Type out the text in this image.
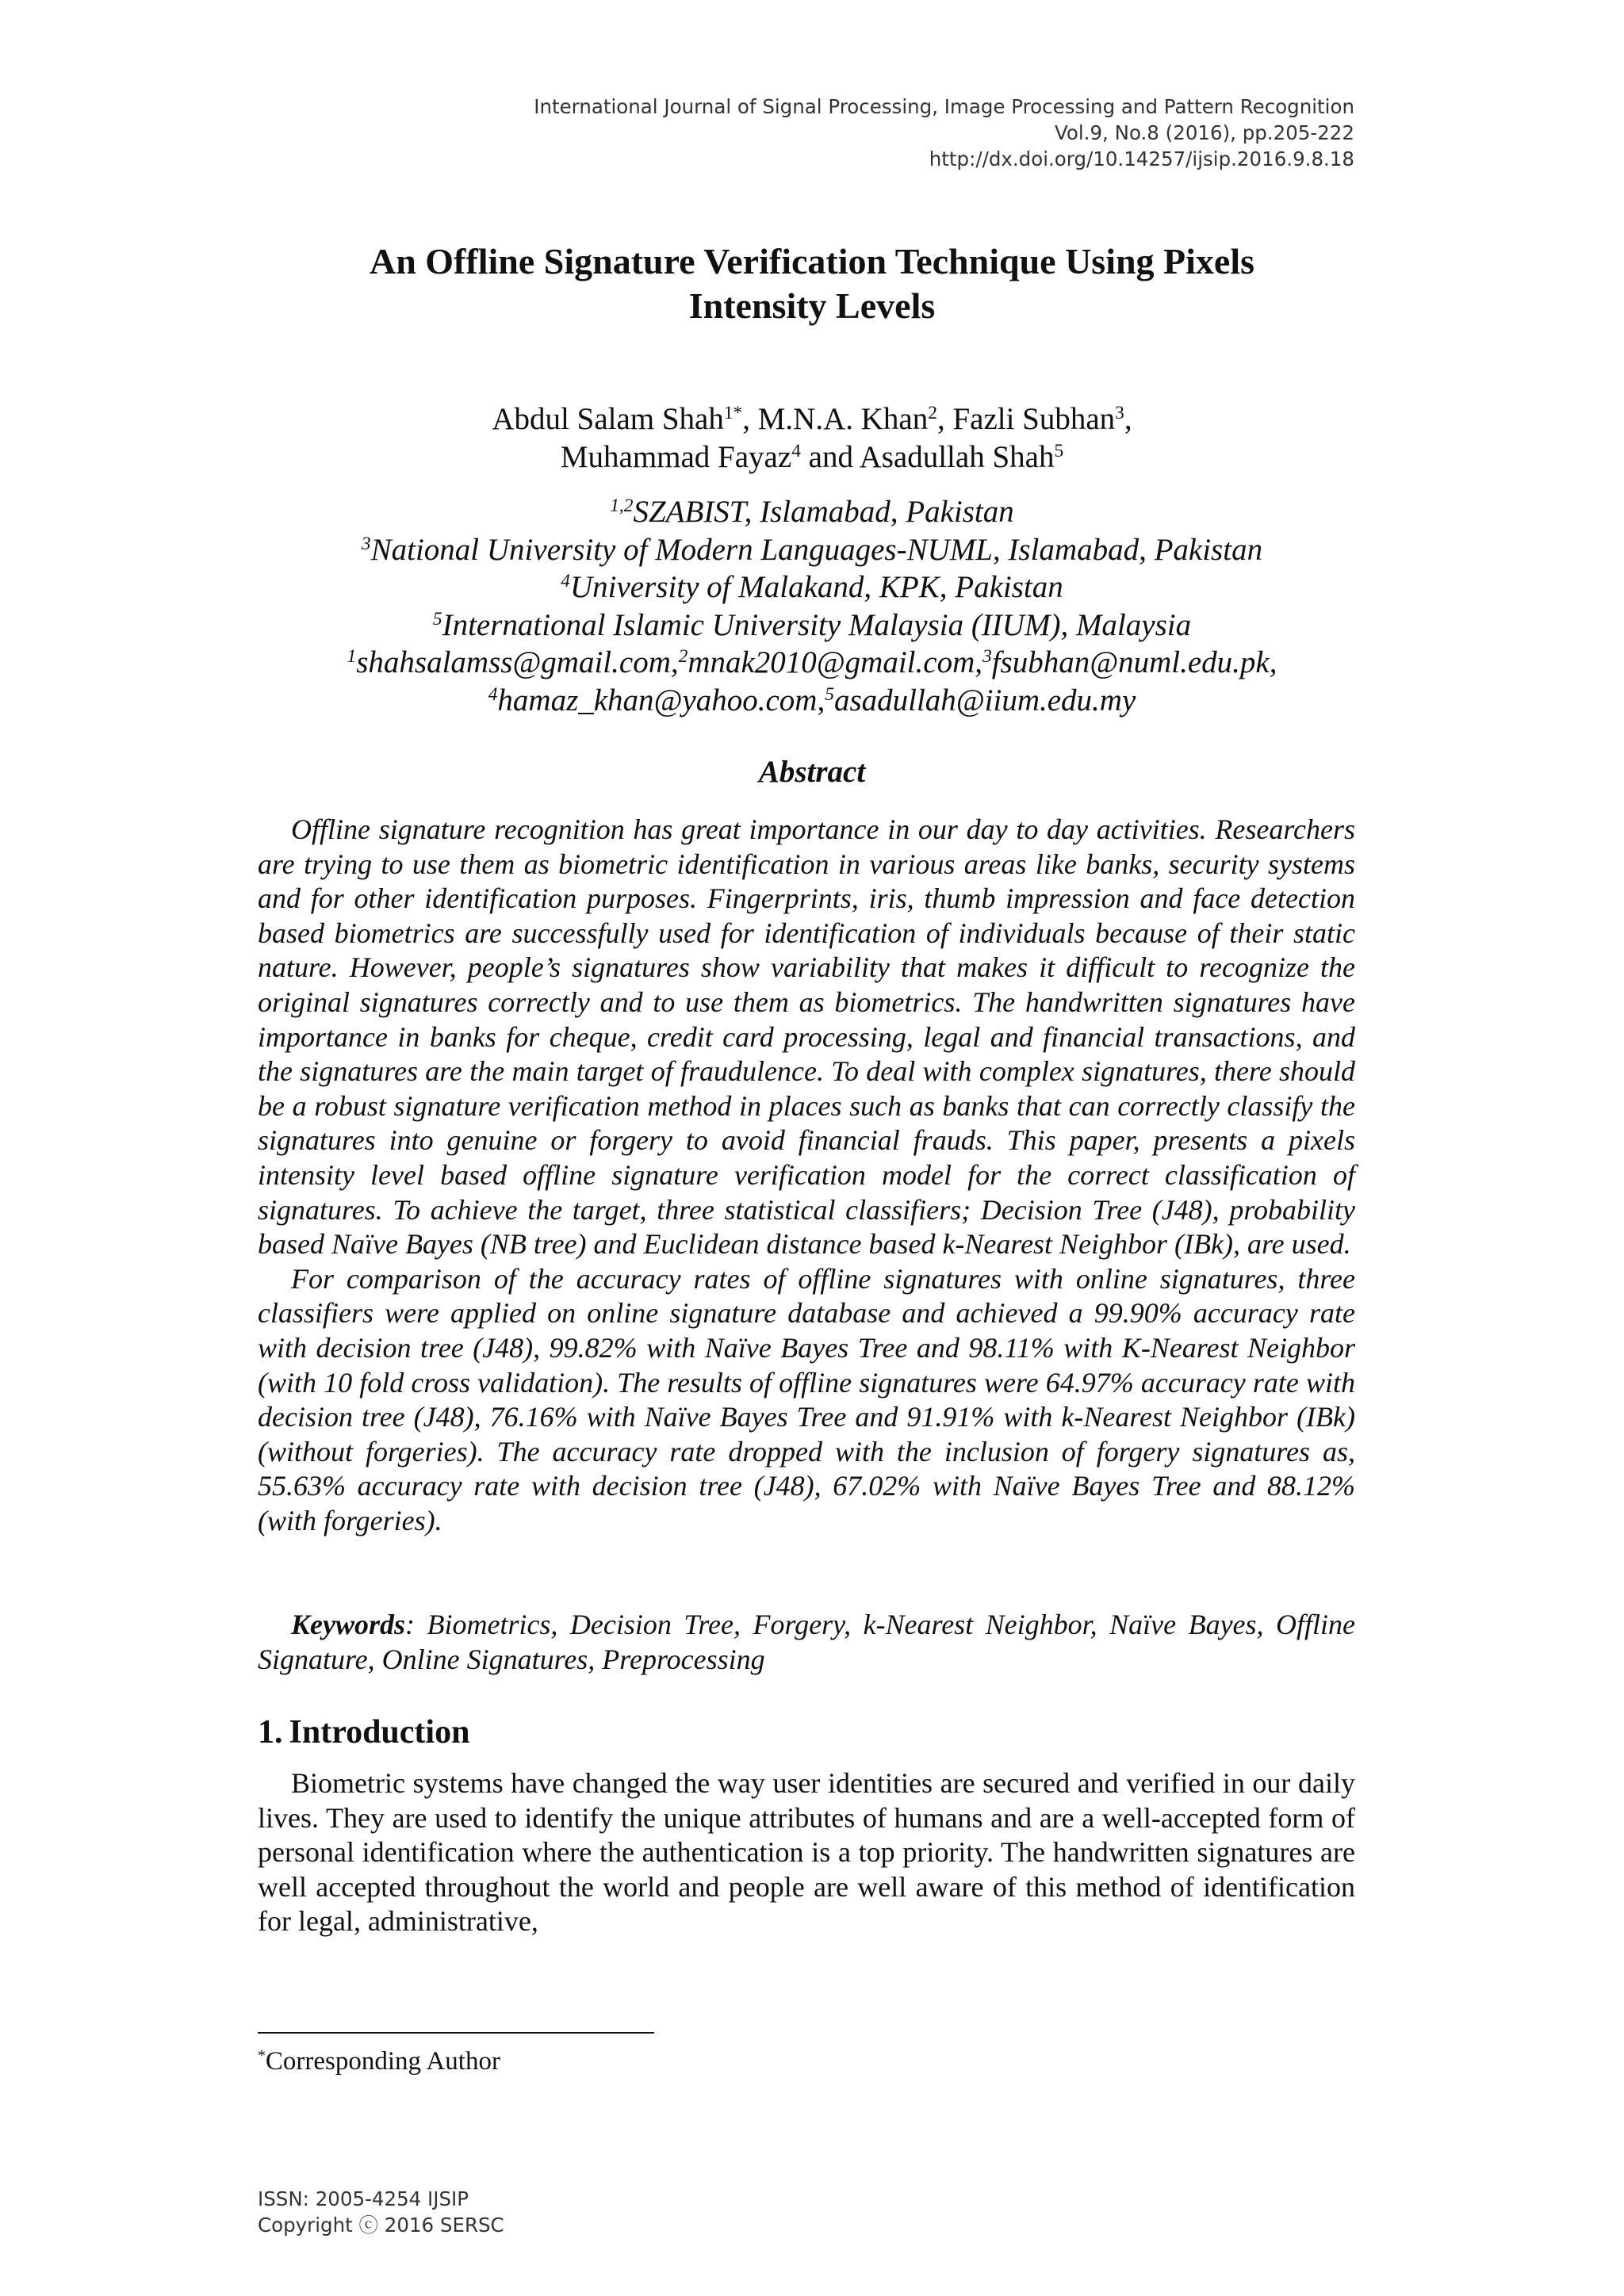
International Journal of Signal Processing, Image Processing and Pattern Recognition
Vol.9, No.8 (2016), pp.205-222
http://dx.doi.org/10.14257/ijsip.2016.9.8.18
An Offline Signature Verification Technique Using Pixels
Intensity Levels
Abdul Salam Shah$^{1*}$, M.N.A. Khan$^2$, Fazli Subhan$^3$,
Muhammad Fayaz$^4$ and Asadullah Shah$^5$
$^{1,2}$SZABIST, Islamabad, Pakistan
$^3$National University of Modern Languages-NUML, Islamabad, Pakistan
$^4$University of Malakand, KPK, Pakistan
$^5$International Islamic University Malaysia (IIUM), Malaysia
$^1$shahsalamss@gmail.com,$^2$mnak2010@gmail.com,$^3$fsubhan@numl.edu.pk,
$^4$hamaz_khan@yahoo.com,$^5$asadullah@iium.edu.my
Abstract

Offline signature recognition has great importance in our day to day activities. Researchers are trying to use them as biometric identification in various areas like banks, security systems and for other identification purposes. Fingerprints, iris, thumb impression and face detection based biometrics are successfully used for identification of individuals because of their static nature. However, people’s signatures show variability that makes it difficult to recognize the original signatures correctly and to use them as biometrics. The handwritten signatures have importance in banks for cheque, credit card processing, legal and financial transactions, and the signatures are the main target of fraudulence. To deal with complex signatures, there should be a robust signature verification method in places such as banks that can correctly classify the signatures into genuine or forgery to avoid financial frauds. This paper, presents a pixels intensity level based offline signature verification model for the correct classification of signatures. To achieve the target, three statistical classifiers; Decision Tree (J48), probability based Naïve Bayes (NB tree) and Euclidean distance based k-Nearest Neighbor (IBk), are used.

For comparison of the accuracy rates of offline signatures with online signatures, three classifiers were applied on online signature database and achieved a 99.90% accuracy rate with decision tree (J48), 99.82% with Naïve Bayes Tree and 98.11% with K-Nearest Neighbor (with 10 fold cross validation). The results of offline signatures were 64.97% accuracy rate with decision tree (J48), 76.16% with Naïve Bayes Tree and 91.91% with k-Nearest Neighbor (IBk) (without forgeries). The accuracy rate dropped with the inclusion of forgery signatures as, 55.63% accuracy rate with decision tree (J48), 67.02% with Naïve Bayes Tree and 88.12% (with forgeries).

Keywords: Biometrics, Decision Tree, Forgery, k-Nearest Neighbor, Naïve Bayes, Offline Signature, Online Signatures, Preprocessing

1. Introduction

Biometric systems have changed the way user identities are secured and verified in our daily lives. They are used to identify the unique attributes of humans and are a well-accepted form of personal identification where the authentication is a top priority. The handwritten signatures are well accepted throughout the world and people are well aware of this method of identification for legal, administrative,

*Corresponding Author
ISSN: 2005-4254 IJSIP
Copyright ⓒ 2016 SERSC
